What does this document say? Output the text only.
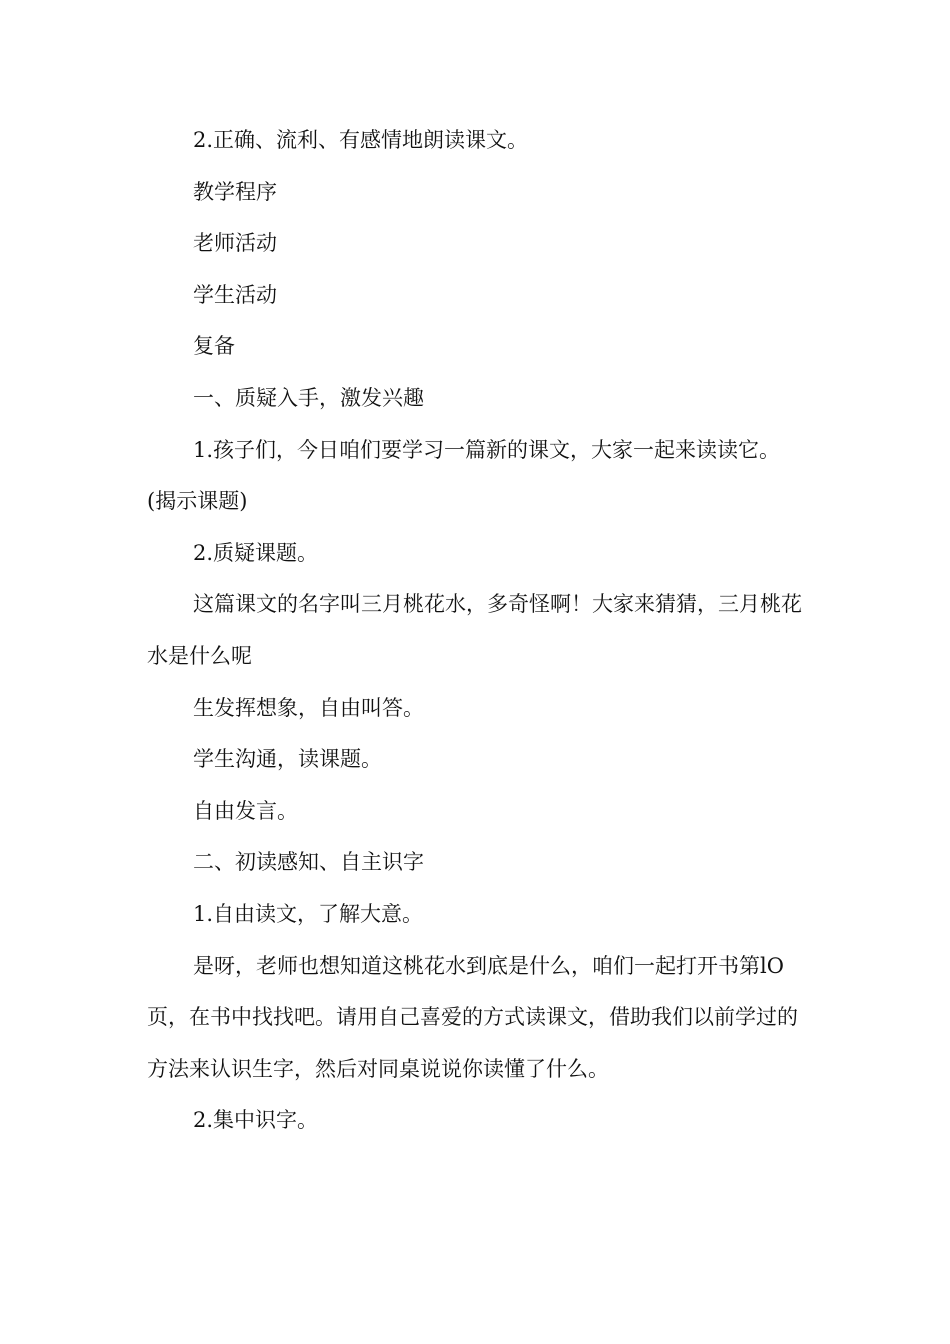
2.正确、流利、有感情地朗读课文。

教学程序

老师活动

学生活动

复备

一、质疑入手，激发兴趣

1.孩子们，今日咱们要学习一篇新的课文，大家一起来读读它。(揭示课题)

2.质疑课题。

这篇课文的名字叫三月桃花水，多奇怪啊！大家来猜猜，三月桃花水是什么呢

生发挥想象，自由叫答。

学生沟通，读课题。

自由发言。

二、初读感知、自主识字

1.自由读文，了解大意。

是呀，老师也想知道这桃花水到底是什么，咱们一起打开书第lO页，在书中找找吧。请用自己喜爱的方式读课文，借助我们以前学过的方法来认识生字，然后对同桌说说你读懂了什么。

2.集中识字。
